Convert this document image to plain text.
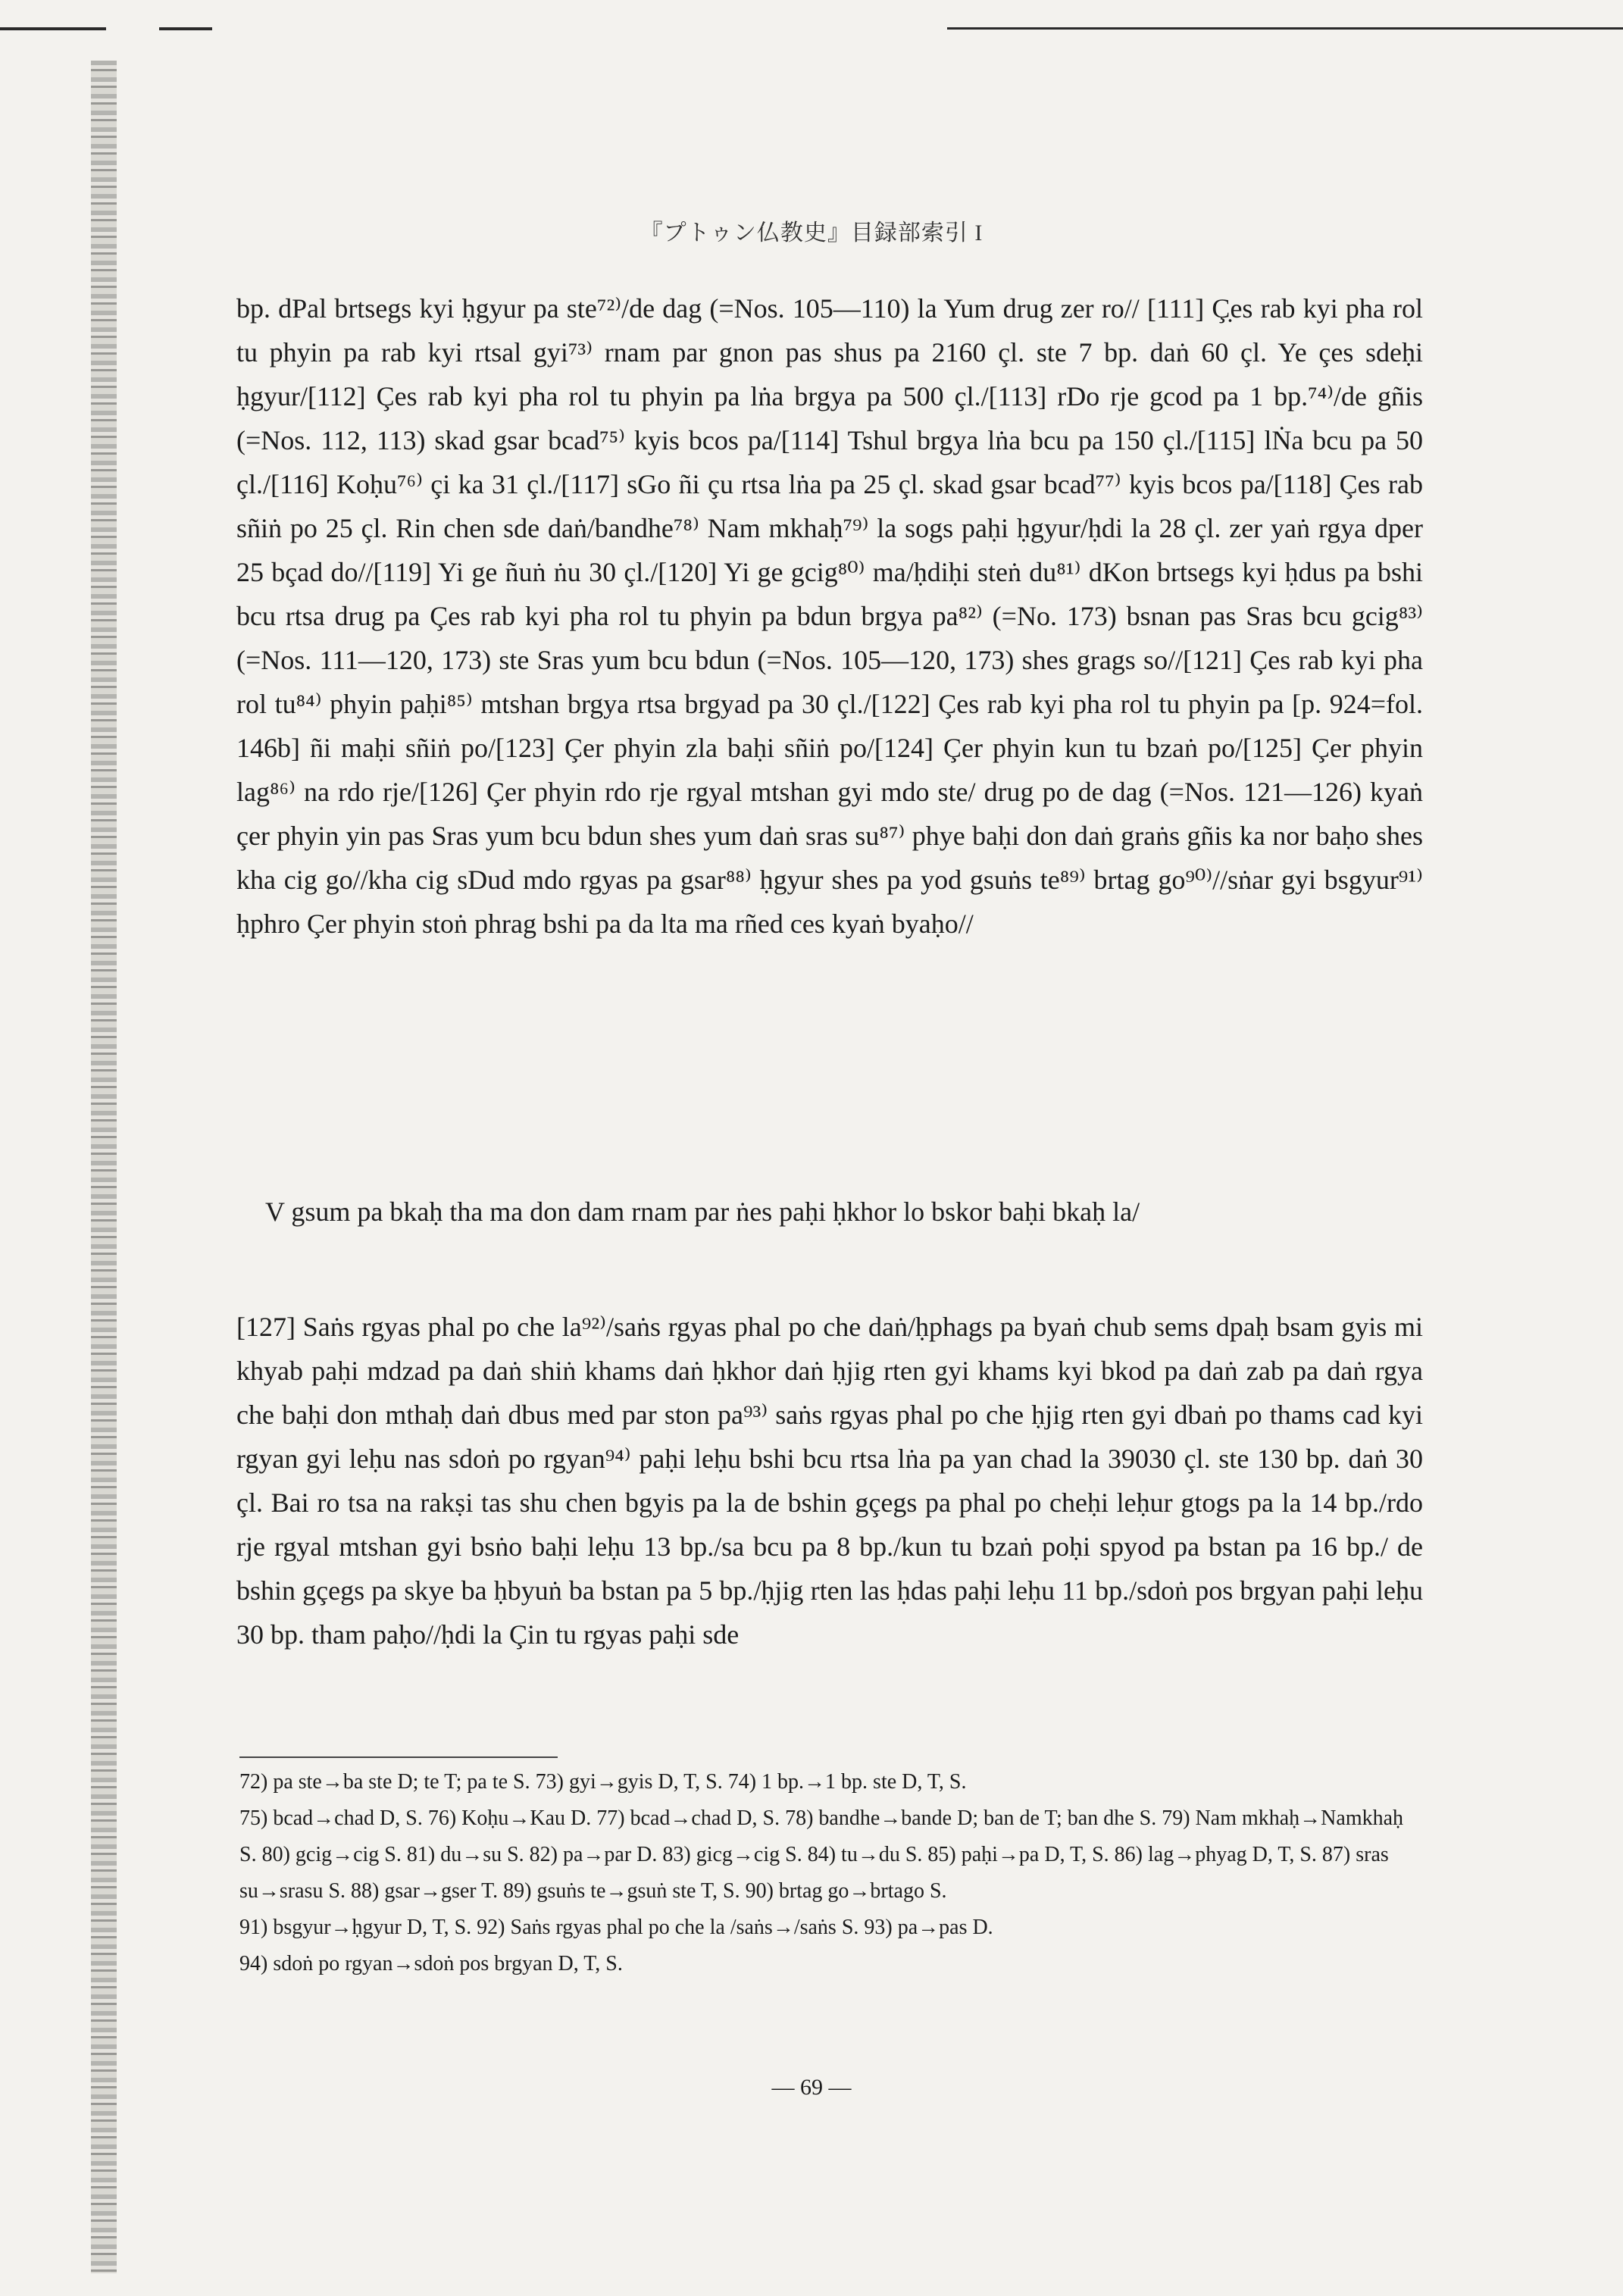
『プトゥン仏教史』目録部索引 I

bp. dPal brtsegs kyi ḥgyur pa ste⁷²⁾/de dag (=Nos. 105—110) la Yum drug zer ro// [111] Ç̣es rab kyi pha rol tu phyin pa rab kyi rtsal gyi⁷³⁾ rnam par gnon pas shus pa 2160 çl. ste 7 bp. daṅ 60 çl. Ye çes sdeḥi ḥgyur/[112] Çes rab kyi pha rol tu phyin pa lṅa brgya pa 500 çl./[113] rDo rje gcod pa 1 bp.⁷⁴⁾/de gñis (=Nos. 112, 113) skad gsar bcad⁷⁵⁾ kyis bcos pa/[114] Tshul brgya lṅa bcu pa 150 çl./[115] lṄa bcu pa 50 çl./[116] Koḥu⁷⁶⁾ çi ka 31 çl./[117] sGo ñi çu rtsa lṅa pa 25 çl. skad gsar bcad⁷⁷⁾ kyis bcos pa/[118] Çes rab sñiṅ po 25 çl. Rin chen sde daṅ/bandhe⁷⁸⁾ Nam mkhaḥ⁷⁹⁾ la sogs paḥi ḥgyur/ḥdi la 28 çl. zer yaṅ rgya dper 25 bçad do//[119] Yi ge ñuṅ ṅu 30 çl./[120] Yi ge gcig⁸⁰⁾ ma/ḥdiḥi steṅ du⁸¹⁾ dKon brtsegs kyi ḥdus pa bshi bcu rtsa drug pa Çes rab kyi pha rol tu phyin pa bdun brgya pa⁸²⁾ (=No. 173) bsnan pas Sras bcu gcig⁸³⁾ (=Nos. 111—120, 173) ste Sras yum bcu bdun (=Nos. 105—120, 173) shes grags so//[121] Çes rab kyi pha rol tu⁸⁴⁾ phyin paḥi⁸⁵⁾ mtshan brgya rtsa brgyad pa 30 çl./[122] Çes rab kyi pha rol tu phyin pa [p. 924=fol. 146b] ñi maḥi sñiṅ po/[123] Çer phyin zla baḥi sñiṅ po/[124] Çer phyin kun tu bzaṅ po/[125] Çer phyin lag⁸⁶⁾ na rdo rje/[126] Çer phyin rdo rje rgyal mtshan gyi mdo ste/ drug po de dag (=Nos. 121—126) kyaṅ çer phyin yin pas Sras yum bcu bdun shes yum daṅ sras su⁸⁷⁾ phye baḥi don daṅ graṅs gñis ka nor baḥo shes kha cig go//kha cig sDud mdo rgyas pa gsar⁸⁸⁾ ḥgyur shes pa yod gsuṅs te⁸⁹⁾ brtag go⁹⁰⁾//sṅar gyi bsgyur⁹¹⁾ ḥphro Çer phyin stoṅ phrag bshi pa da lta ma rñed ces kyaṅ byaḥo//

V gsum pa bkaḥ tha ma don dam rnam par ṅes paḥi ḥkhor lo bskor baḥi bkaḥ la/

[127] Saṅs rgyas phal po che la⁹²⁾/saṅs rgyas phal po che daṅ/ḥphags pa byaṅ chub sems dpaḥ bsam gyis mi khyab paḥi mdzad pa daṅ shiṅ khams daṅ ḥkhor daṅ ḥjig rten gyi khams kyi bkod pa daṅ zab pa daṅ rgya che baḥi don mthaḥ daṅ dbus med par ston pa⁹³⁾ saṅs rgyas phal po che ḥjig rten gyi dbaṅ po thams cad kyi rgyan gyi leḥu nas sdoṅ po rgyan⁹⁴⁾ paḥi leḥu bshi bcu rtsa lṅa pa yan chad la 39030 çl. ste 130 bp. daṅ 30 çl. Bai ro tsa na rakṣi tas shu chen bgyis pa la de bshin gçegs pa phal po cheḥi leḥur gtogs pa la 14 bp./rdo rje rgyal mtshan gyi bsṅo baḥi leḥu 13 bp./sa bcu pa 8 bp./kun tu bzaṅ poḥi spyod pa bstan pa 16 bp./ de bshin gçegs pa skye ba ḥbyuṅ ba bstan pa 5 bp./ḥjig rten las ḥdas paḥi leḥu 11 bp./sdoṅ pos brgyan paḥi leḥu 30 bp. tham paḥo//ḥdi la Çin tu rgyas paḥi sde

72) pa ste→ba ste D; te T; pa te S. 73) gyi→gyis D, T, S. 74) 1 bp.→1 bp. ste D, T, S.

75) bcad→chad D, S. 76) Koḥu→Kau D. 77) bcad→chad D, S. 78) bandhe→bande D; ban de T; ban dhe S. 79) Nam mkhaḥ→Namkhaḥ S. 80) gcig→cig S. 81) du→su S. 82) pa→par D. 83) gicg→cig S. 84) tu→du S. 85) paḥi→pa D, T, S. 86) lag→phyag D, T, S. 87) sras su→srasu S. 88) gsar→gser T. 89) gsuṅs te→gsuṅ ste T, S. 90) brtag go→brtago S.

91) bsgyur→ḥgyur D, T, S. 92) Saṅs rgyas phal po che la /saṅs→/saṅs S. 93) pa→pas D.

94) sdoṅ po rgyan→sdoṅ pos brgyan D, T, S.

— 69 —
